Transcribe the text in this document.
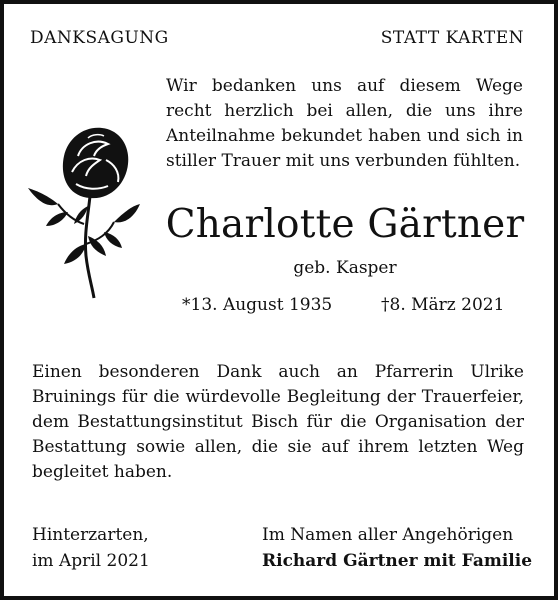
DANKSAGUNG	STATT KARTEN
Wir bedanken uns auf diesem Wege recht herzlich bei allen, die uns ihre Anteilnahme bekundet haben und sich in stiller Trauer mit uns verbunden fühlten.
Charlotte Gärtner
geb. Kasper
*13. August 1935	†8. März 2021
Einen besonderen Dank auch an Pfarrerin Ulrike Bruinings für die würdevolle Begleitung der Trauerfeier, dem Bestattungsinstitut Bisch für die Organisation der Bestattung sowie allen, die sie auf ihrem letzten Weg begleitet haben.
Hinterzarten,
im April 2021
Im Namen aller Angehörigen
Richard Gärtner mit Familie
